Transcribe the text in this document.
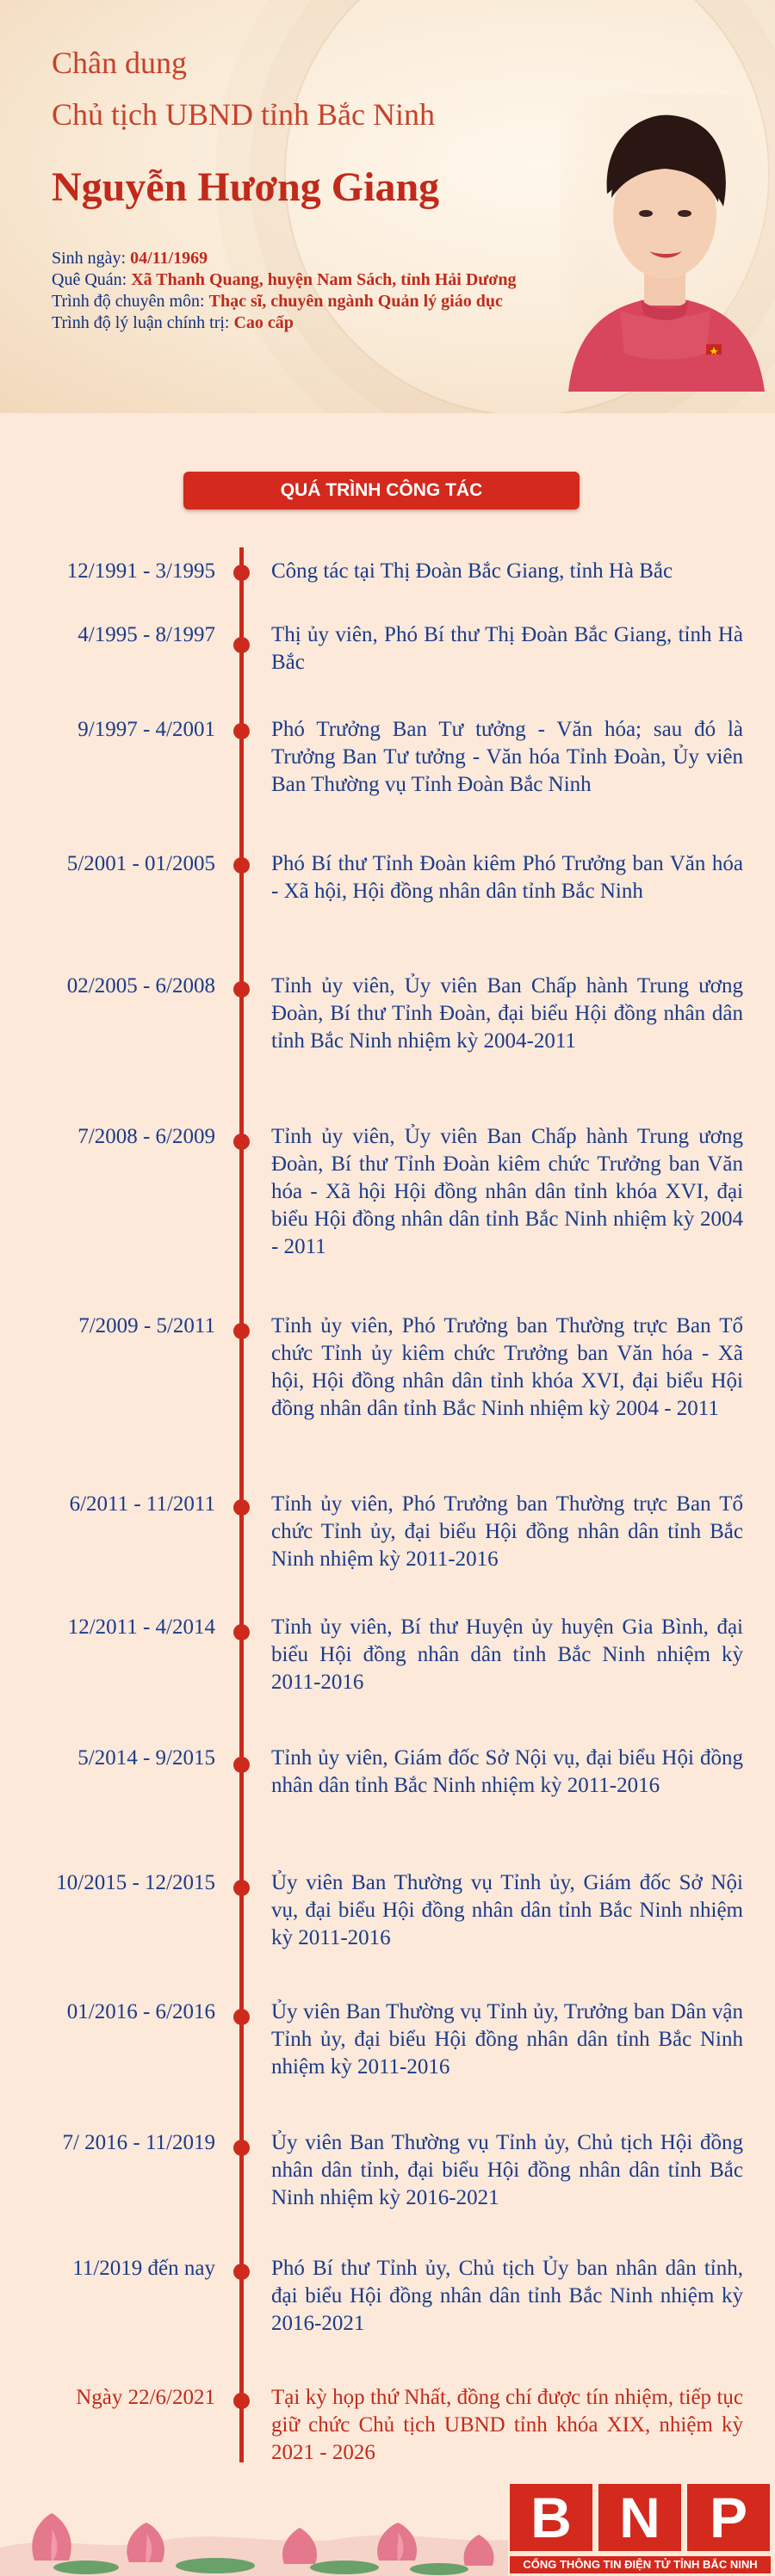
Chân dung
Chủ tịch UBND tỉnh Bắc Ninh
Nguyễn Hương Giang

Sinh ngày: 04/11/1969

Quê Quán: Xã Thanh Quang, huyện Nam Sách, tỉnh Hải Dương

Trình độ chuyên môn: Thạc sĩ, chuyên ngành Quản lý giáo dục

Trình độ lý luận chính trị: Cao cấp

QUÁ TRÌNH CÔNG TÁC
12/1991 - 3/1995	Công tác tại Thị Đoàn Bắc Giang, tỉnh Hà Bắc
4/1995 - 8/1997	Thị ủy viên, Phó Bí thư Thị Đoàn Bắc Giang, tỉnh Hà Bắc
9/1997 - 4/2001	Phó Trưởng Ban Tư tưởng - Văn hóa; sau đó là Trưởng Ban Tư tưởng - Văn hóa Tỉnh Đoàn, Ủy viên Ban Thường vụ Tỉnh Đoàn Bắc Ninh
5/2001 - 01/2005	Phó Bí thư Tỉnh Đoàn kiêm Phó Trưởng ban Văn hóa - Xã hội, Hội đồng nhân dân tỉnh Bắc Ninh
02/2005 - 6/2008	Tỉnh ủy viên, Ủy viên Ban Chấp hành Trung ương Đoàn, Bí thư Tỉnh Đoàn, đại biểu Hội đồng nhân dân tỉnh Bắc Ninh nhiệm kỳ 2004-2011
7/2008 - 6/2009	Tỉnh ủy viên, Ủy viên Ban Chấp hành Trung ương Đoàn, Bí thư Tỉnh Đoàn kiêm chức Trưởng ban Văn hóa - Xã hội Hội đồng nhân dân tỉnh khóa XVI, đại biểu Hội đồng nhân dân tỉnh Bắc Ninh nhiệm kỳ 2004 - 2011
7/2009 - 5/2011	Tỉnh ủy viên, Phó Trưởng ban Thường trực Ban Tổ chức Tỉnh ủy kiêm chức Trưởng ban Văn hóa - Xã hội, Hội đồng nhân dân tỉnh khóa XVI, đại biểu Hội đồng nhân dân tỉnh Bắc Ninh nhiệm kỳ 2004 - 2011
6/2011 - 11/2011	Tỉnh ủy viên, Phó Trưởng ban Thường trực Ban Tổ chức Tỉnh ủy, đại biểu Hội đồng nhân dân tỉnh Bắc Ninh nhiệm kỳ 2011-2016
12/2011 - 4/2014	Tỉnh ủy viên, Bí thư Huyện ủy huyện Gia Bình, đại biểu Hội đồng nhân dân tỉnh Bắc Ninh nhiệm kỳ 2011-2016
5/2014 - 9/2015	Tỉnh ủy viên, Giám đốc Sở Nội vụ, đại biểu Hội đồng nhân dân tỉnh Bắc Ninh nhiệm kỳ 2011-2016
10/2015 - 12/2015	Ủy viên Ban Thường vụ Tỉnh ủy, Giám đốc Sở Nội vụ, đại biểu Hội đồng nhân dân tỉnh Bắc Ninh nhiệm kỳ 2011-2016
01/2016 - 6/2016	Ủy viên Ban Thường vụ Tỉnh ủy, Trưởng ban Dân vận Tỉnh ủy, đại biểu Hội đồng nhân dân tỉnh Bắc Ninh nhiệm kỳ 2011-2016
7/ 2016 - 11/2019	Ủy viên Ban Thường vụ Tỉnh ủy, Chủ tịch Hội đồng nhân dân tỉnh, đại biểu Hội đồng nhân dân tỉnh Bắc Ninh nhiệm kỳ 2016-2021
11/2019 đến nay	Phó Bí thư Tỉnh ủy, Chủ tịch Ủy ban nhân dân tỉnh, đại biểu Hội đồng nhân dân tỉnh Bắc Ninh nhiệm kỳ 2016-2021
Ngày 22/6/2021	Tại kỳ họp thứ Nhất, đồng chí được tín nhiệm, tiếp tục giữ chức Chủ tịch UBND tỉnh khóa XIX, nhiệm kỳ 2021 - 2026
B N P
CỔNG THÔNG TIN ĐIỆN TỬ TỈNH BẮC NINH
